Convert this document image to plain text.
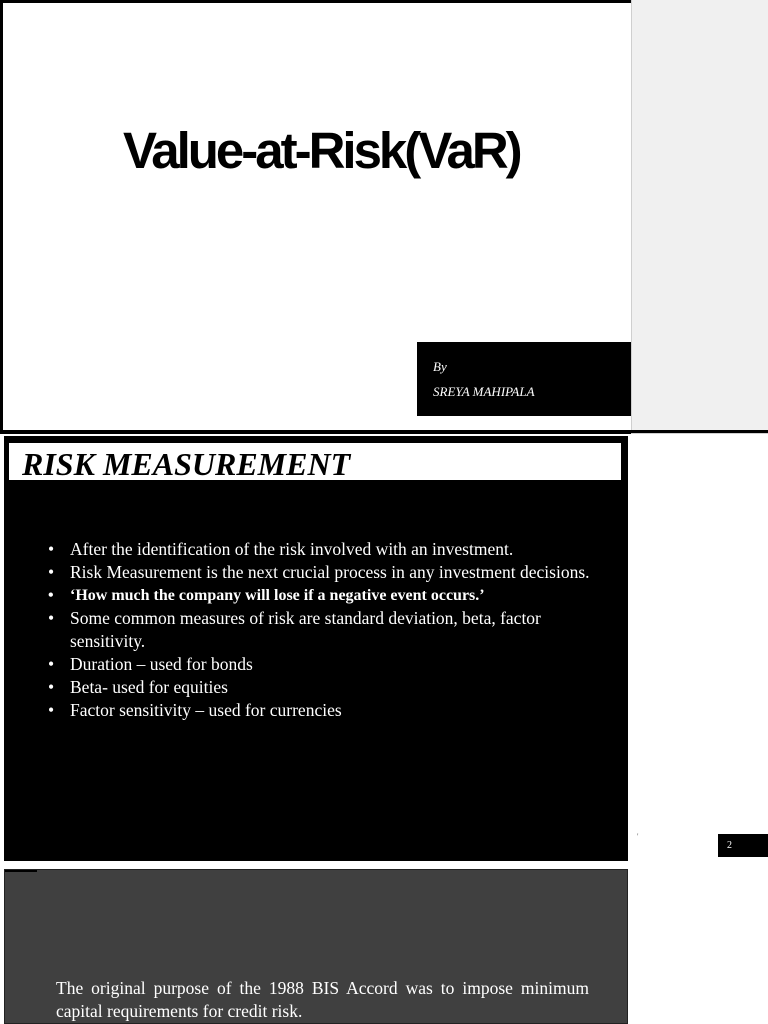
Value-at-Risk(VaR)
By
SREYA MAHIPALA
RISK MEASUREMENT
• After the identification of the risk involved with an investment.
• Risk Measurement is the next crucial process in any investment decisions.
• ‘How much the company will lose if a negative event occurs.’
• Some common measures of risk are standard deviation, beta, factor sensitivity.
• Duration – used for bonds
• Beta- used for equities
• Factor sensitivity – used for currencies
'
2

The original purpose of the 1988 BIS Accord was to impose minimum capital requirements for credit risk.
